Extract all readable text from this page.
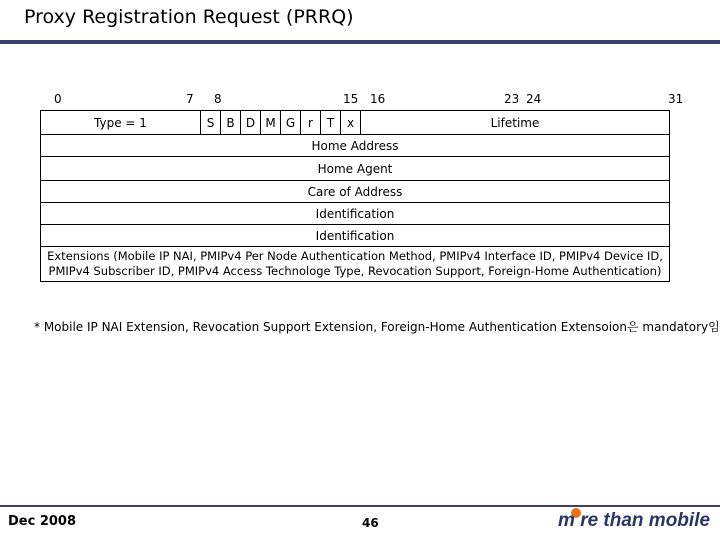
Proxy Registration Request (PRRQ)
0	7 8	15 16	23 24	31
Type = 1	S	B D M G	r	T	x	Lifetime
Home Address
Home Agent
Care of Address
Identification
Identification
Extensions (Mobile IP NAI, PMIPv4 Per Node Authentication Method, PMIPv4 Interface ID, PMIPv4 Device ID,
PMIPv4 Subscriber ID, PMIPv4 Access Technologe Type, Revocation Support, Foreign-Home Authentication)
* Mobile IP NAI Extension, Revocation Support Extension, Foreign-Home Authentication Extensoion은 mandatory임
Dec 2008	46	m re than mobile
